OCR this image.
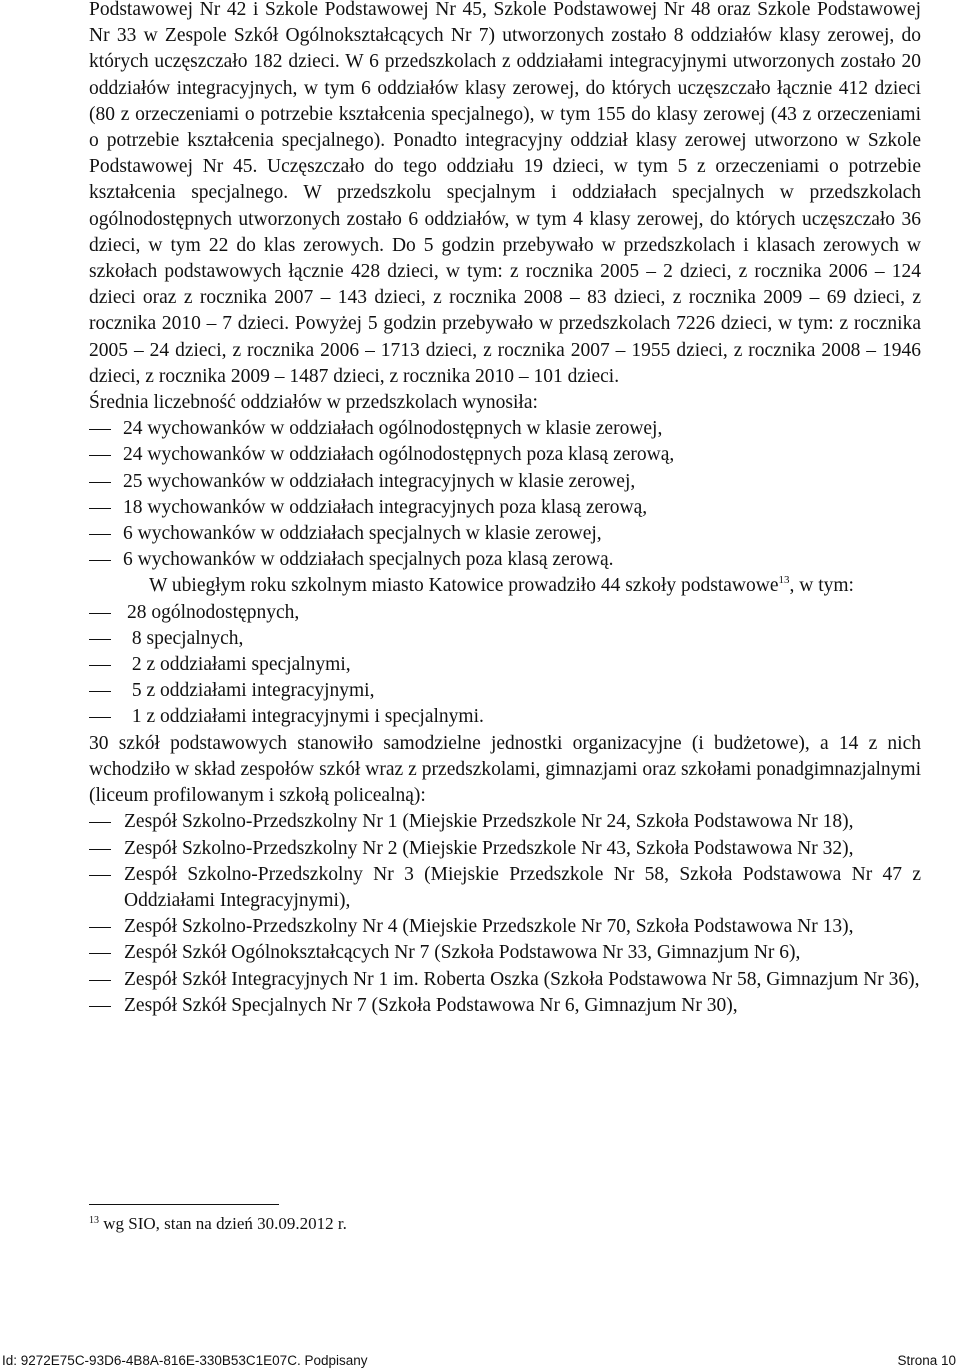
Podstawowej Nr 42 i Szkole Podstawowej Nr 45, Szkole Podstawowej Nr 48 oraz Szkole Podstawowej Nr 33 w Zespole Szkół Ogólnokształcących Nr 7) utworzonych zostało 8 oddziałów klasy zerowej, do których uczęszczało 182 dzieci. W 6 przedszkolach z oddziałami integracyjnymi utworzonych zostało 20 oddziałów integracyjnych, w tym 6 oddziałów klasy zerowej, do których uczęszczało łącznie 412 dzieci (80 z orzeczeniami o potrzebie kształcenia specjalnego), w tym 155 do klasy zerowej (43 z orzeczeniami o potrzebie kształcenia specjalnego). Ponadto integracyjny oddział klasy zerowej utworzono w Szkole Podstawowej Nr 45. Uczęszczało do tego oddziału 19 dzieci, w tym 5 z orzeczeniami o potrzebie kształcenia specjalnego. W przedszkolu specjalnym i oddziałach specjalnych w przedszkolach ogólnodostępnych utworzonych zostało 6 oddziałów, w tym 4 klasy zerowej, do których uczęszczało 36 dzieci, w tym 22 do klas zerowych. Do 5 godzin przebywało w przedszkolach i klasach zerowych w szkołach podstawowych łącznie 428 dzieci, w tym: z rocznika 2005 – 2 dzieci, z rocznika 2006 – 124 dzieci oraz z rocznika 2007 – 143 dzieci, z rocznika 2008 – 83 dzieci, z rocznika 2009 – 69 dzieci, z rocznika 2010 – 7 dzieci. Powyżej 5 godzin przebywało w przedszkolach 7226 dzieci, w tym: z rocznika 2005 – 24 dzieci, z rocznika 2006 – 1713 dzieci, z rocznika 2007 – 1955 dzieci, z rocznika 2008 – 1946 dzieci, z rocznika 2009 – 1487 dzieci, z rocznika 2010 – 101 dzieci.

Średnia liczebność oddziałów w przedszkolach wynosiła:

24 wychowanków w oddziałach ogólnodostępnych w klasie zerowej,
24 wychowanków w oddziałach ogólnodostępnych poza klasą zerową,
25 wychowanków w oddziałach integracyjnych w klasie zerowej,
18 wychowanków w oddziałach integracyjnych poza klasą zerową,
6 wychowanków w oddziałach specjalnych w klasie zerowej,
6 wychowanków w oddziałach specjalnych poza klasą zerową.

W ubiegłym roku szkolnym miasto Katowice prowadziło 44 szkoły podstawowe$^{13}$, w tym:

28 ogólnodostępnych,
8 specjalnych,
2 z oddziałami specjalnymi,
5 z oddziałami integracyjnymi,
1 z oddziałami integracyjnymi i specjalnymi.

30 szkół podstawowych stanowiło samodzielne jednostki organizacyjne (i budżetowe), a 14 z nich wchodziło w skład zespołów szkół wraz z przedszkolami, gimnazjami oraz szkołami ponadgimnazjalnymi (liceum profilowanym i szkołą policealną):

Zespół Szkolno-Przedszkolny Nr 1 (Miejskie Przedszkole Nr 24, Szkoła Podstawowa Nr 18),
Zespół Szkolno-Przedszkolny Nr 2 (Miejskie Przedszkole Nr 43, Szkoła Podstawowa Nr 32),
Zespół Szkolno-Przedszkolny Nr 3 (Miejskie Przedszkole Nr 58, Szkoła Podstawowa Nr 47 z Oddziałami Integracyjnymi),
Zespół Szkolno-Przedszkolny Nr 4 (Miejskie Przedszkole Nr 70, Szkoła Podstawowa Nr 13),
Zespół Szkół Ogólnokształcących Nr 7 (Szkoła Podstawowa Nr 33, Gimnazjum Nr 6),
Zespół Szkół Integracyjnych Nr 1 im. Roberta Oszka (Szkoła Podstawowa Nr 58, Gimnazjum Nr 36),
Zespół Szkół Specjalnych Nr 7 (Szkoła Podstawowa Nr 6, Gimnazjum Nr 30),
$^{13}$ wg SIO, stan na dzień 30.09.2012 r.
Id: 9272E75C-93D6-4B8A-816E-330B53C1E07C. Podpisany	Strona 10
